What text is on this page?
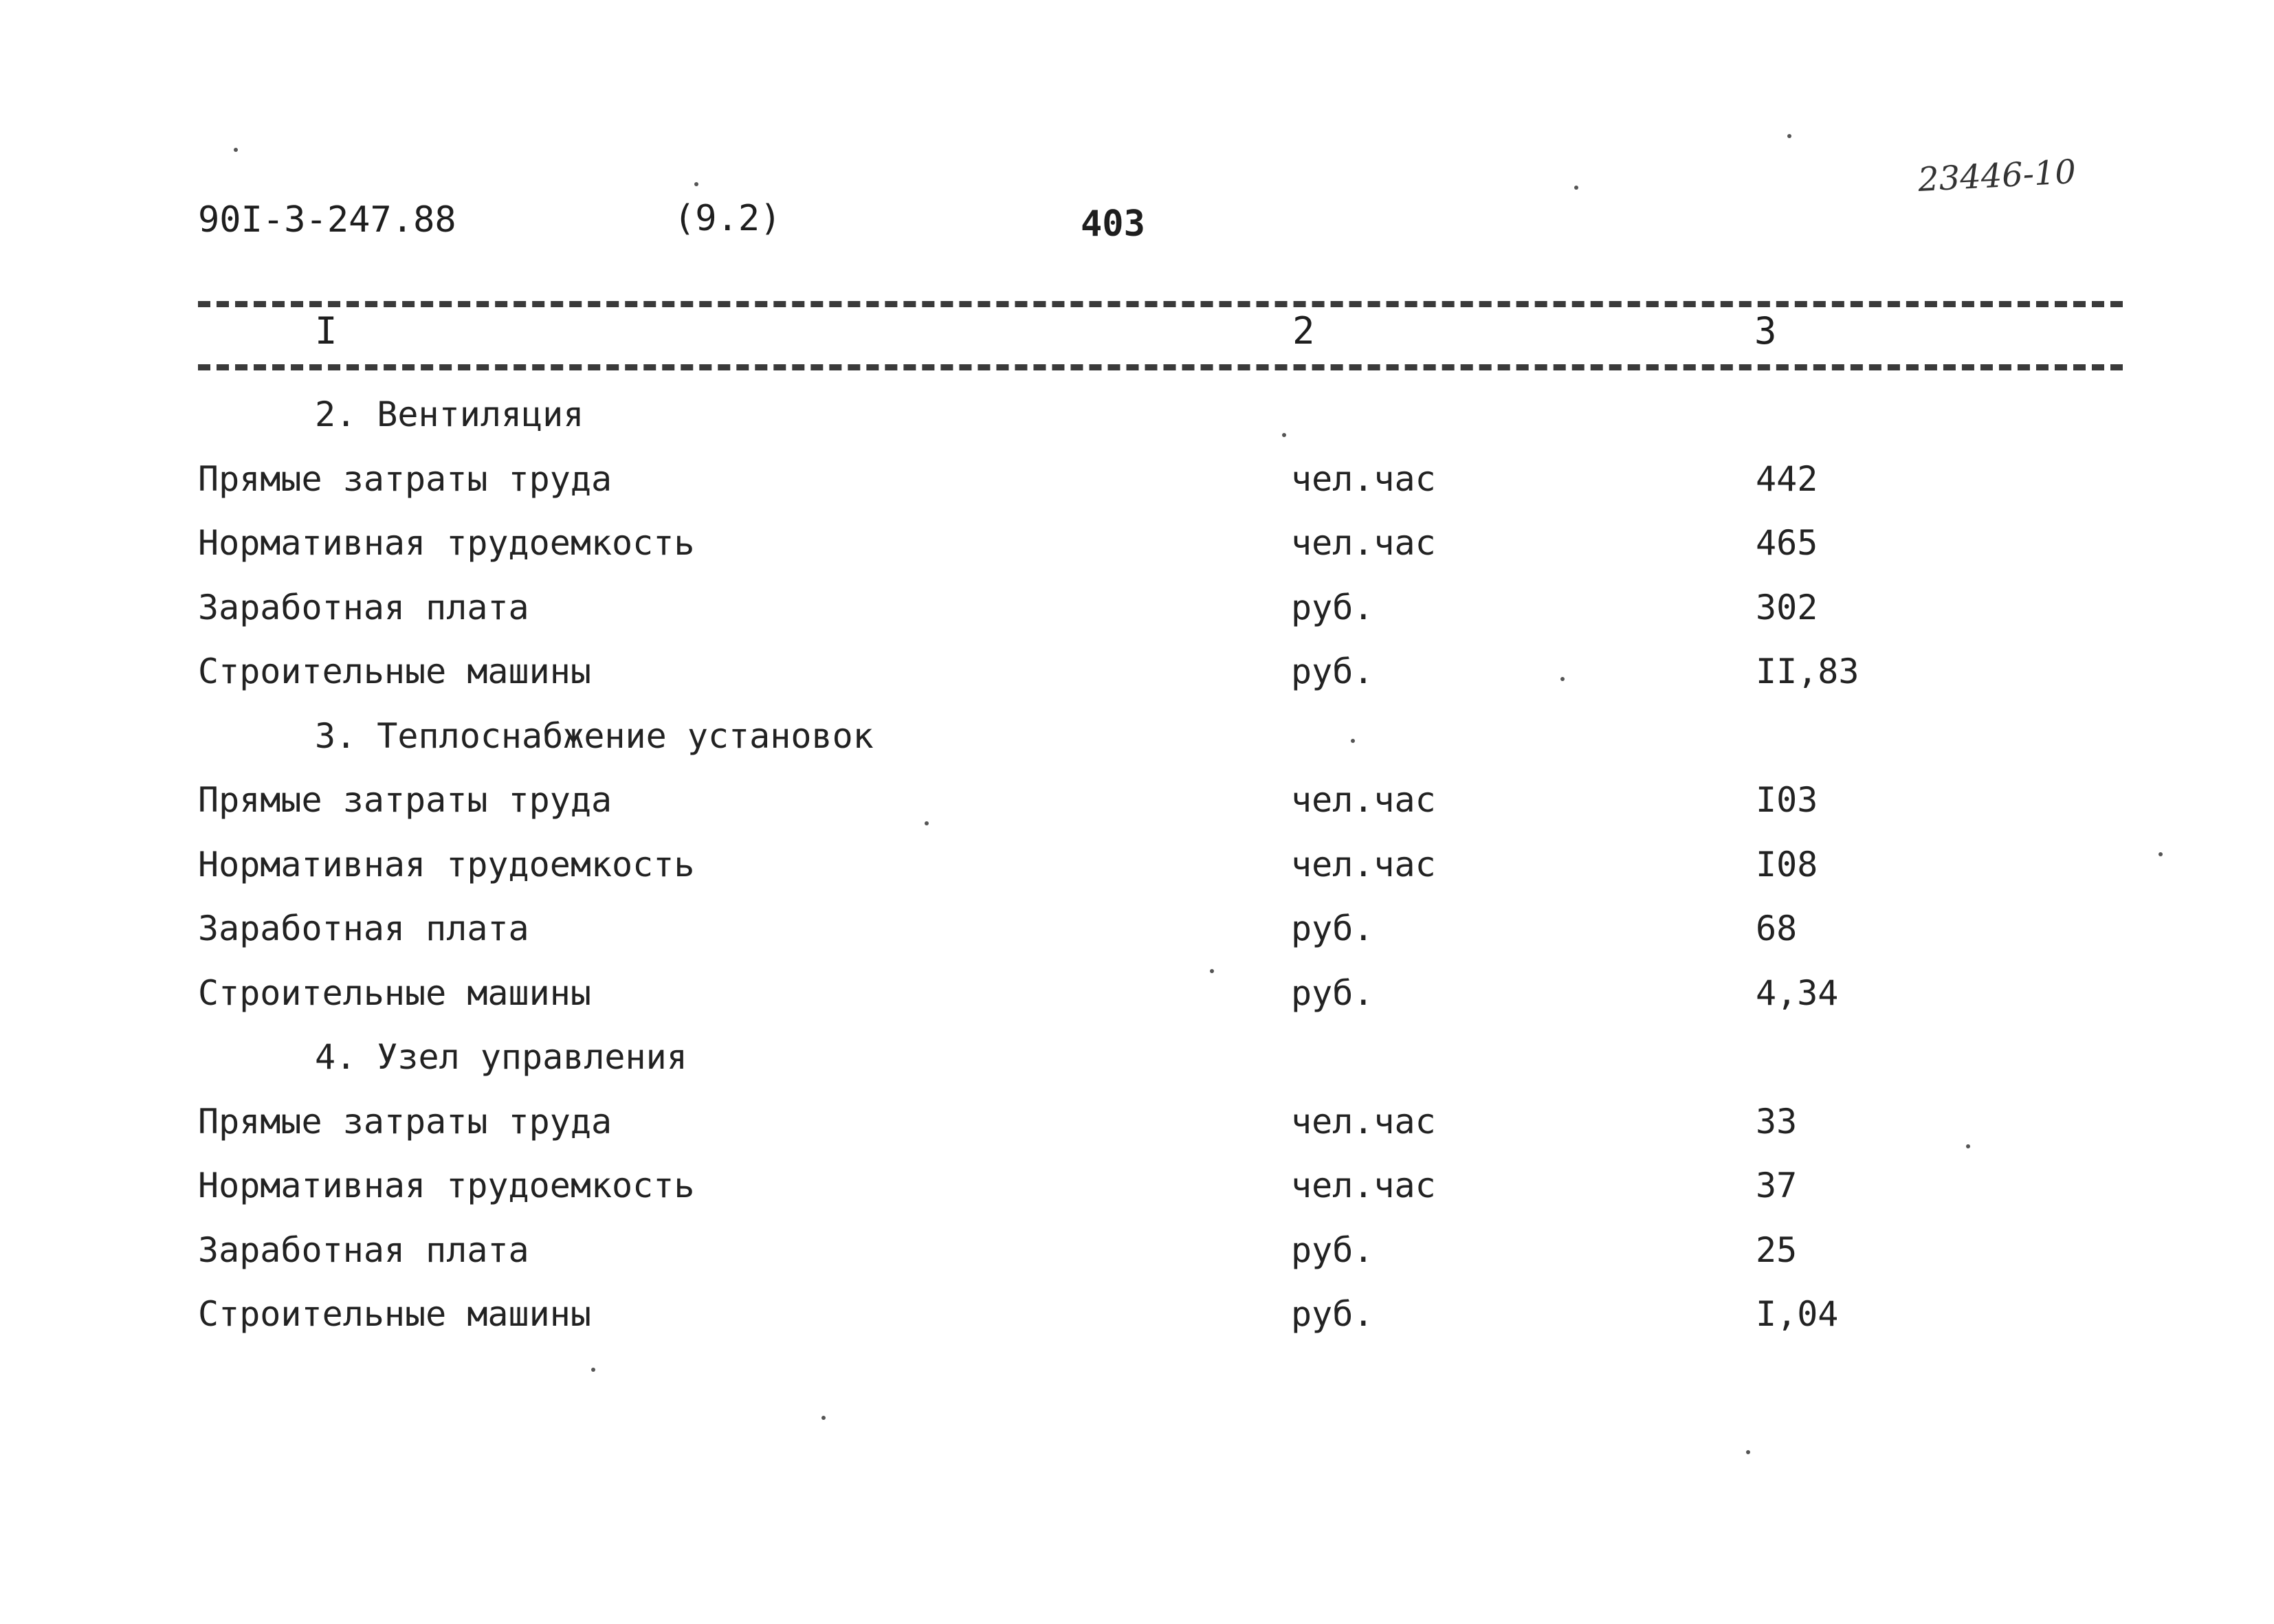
90I-3-247.88	(9.2)	403
23446-10
I	2	3
2. Вентиляция
Прямые затраты труда	чел.час	442
Нормативная трудоемкость	чел.час	465
Заработная плата	руб.	302
Строительные машины	руб.	II,83
3. Теплоснабжение установок
Прямые затраты труда	чел.час	I03
Нормативная трудоемкость	чел.час	I08
Заработная плата	руб.	68
Строительные машины	руб.	4,34
4. Узел управления
Прямые затраты труда	чел.час	33
Нормативная трудоемкость	чел.час	37
Заработная плата	руб.	25
Строительные машины	руб.	I,04
